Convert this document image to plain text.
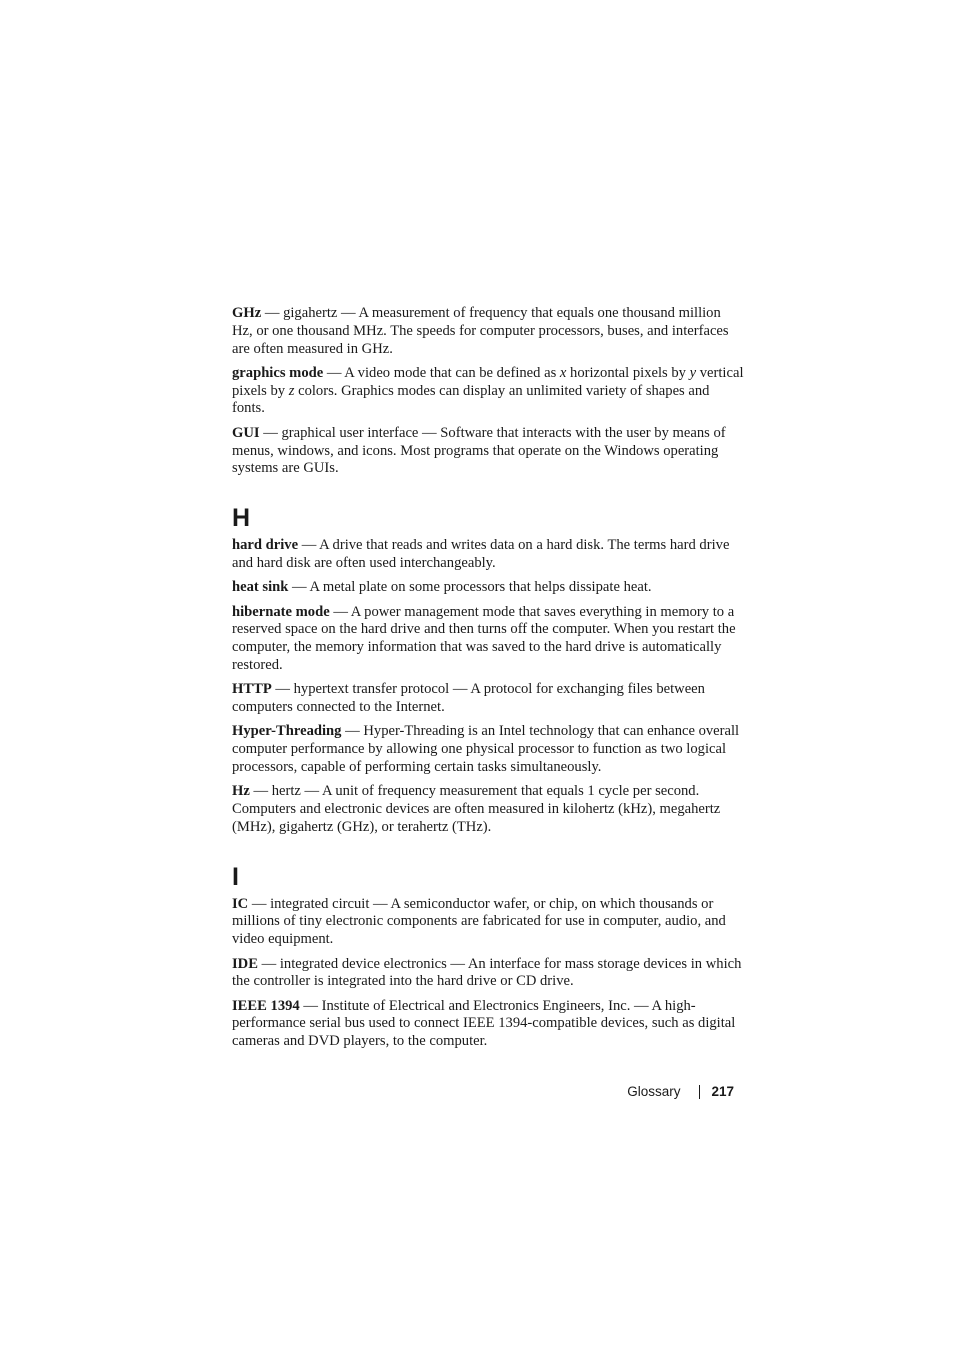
GHz — gigahertz — A measurement of frequency that equals one thousand million Hz, or one thousand MHz. The speeds for computer processors, buses, and interfaces are often measured in GHz.

graphics mode — A video mode that can be defined as x horizontal pixels by y vertical pixels by z colors. Graphics modes can display an unlimited variety of shapes and fonts.

GUI — graphical user interface — Software that interacts with the user by means of menus, windows, and icons. Most programs that operate on the Windows operating systems are GUIs.

H

hard drive — A drive that reads and writes data on a hard disk. The terms hard drive and hard disk are often used interchangeably.

heat sink — A metal plate on some processors that helps dissipate heat.

hibernate mode — A power management mode that saves everything in memory to a reserved space on the hard drive and then turns off the computer. When you restart the computer, the memory information that was saved to the hard drive is automatically restored.

HTTP — hypertext transfer protocol — A protocol for exchanging files between computers connected to the Internet.

Hyper-Threading — Hyper-Threading is an Intel technology that can enhance overall computer performance by allowing one physical processor to function as two logical processors, capable of performing certain tasks simultaneously.

Hz — hertz — A unit of frequency measurement that equals 1 cycle per second. Computers and electronic devices are often measured in kilohertz (kHz), megahertz (MHz), gigahertz (GHz), or terahertz (THz).

I

IC — integrated circuit — A semiconductor wafer, or chip, on which thousands or millions of tiny electronic components are fabricated for use in computer, audio, and video equipment.

IDE — integrated device electronics — An interface for mass storage devices in which the controller is integrated into the hard drive or CD drive.

IEEE 1394 — Institute of Electrical and Electronics Engineers, Inc. — A high-performance serial bus used to connect IEEE 1394-compatible devices, such as digital cameras and DVD players, to the computer.

Glossary 217
